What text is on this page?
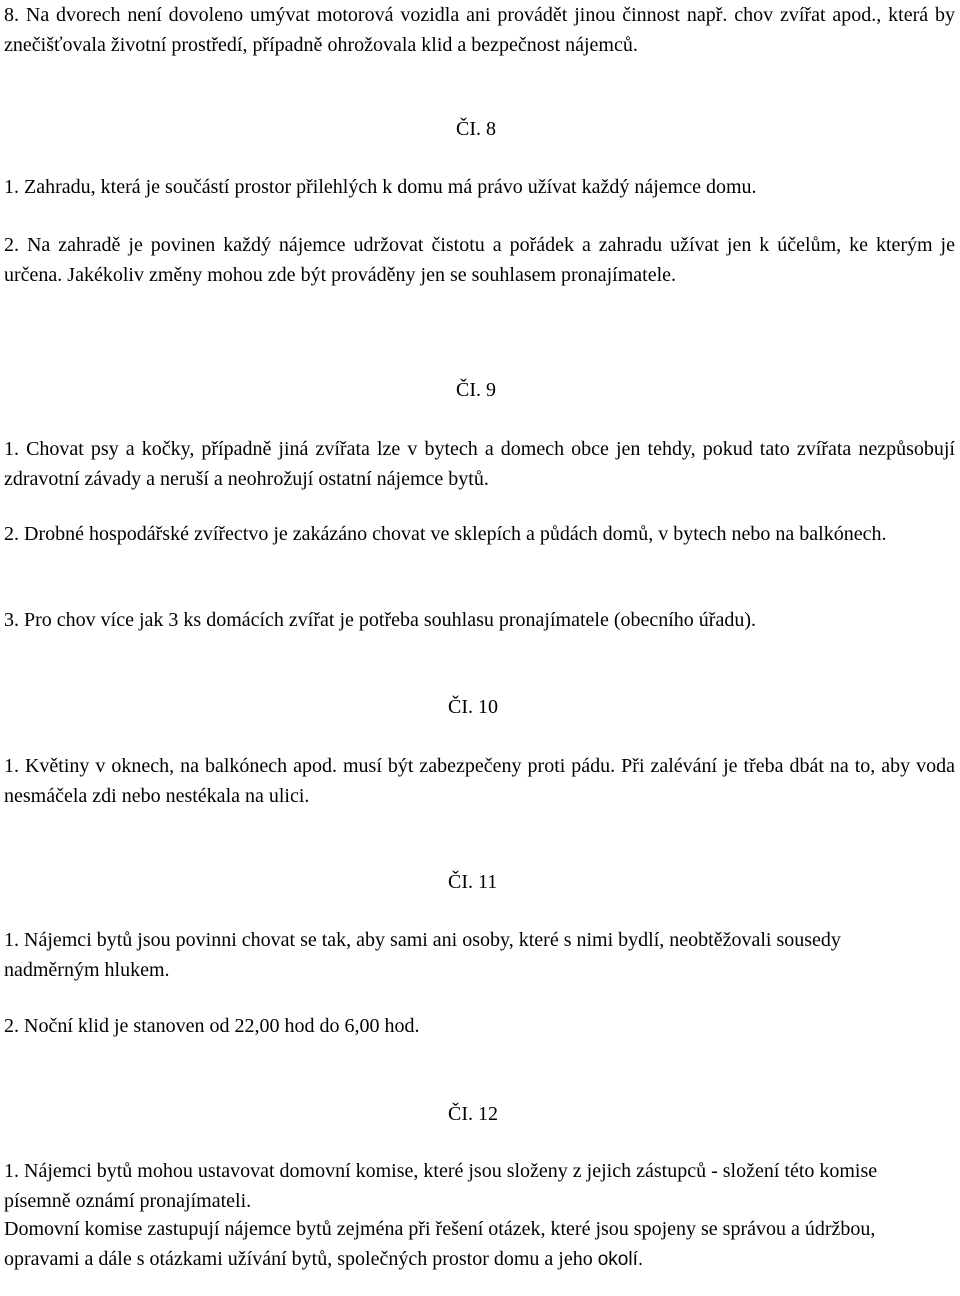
8. Na dvorech není dovoleno umývat motorová vozidla ani provádět jinou činnost např. chov zvířat apod., která by znečišťovala životní prostředí, případně ohrožovala klid a bezpečnost nájemců.

ČI. 8

1. Zahradu, která je součástí prostor přilehlých k domu má právo užívat každý nájemce domu.

2. Na zahradě je povinen každý nájemce udržovat čistotu a pořádek a zahradu užívat jen k účelům, ke kterým je určena. Jakékoliv změny mohou zde být prováděny jen se souhlasem pronajímatele.

ČI. 9

1. Chovat psy a kočky, případně jiná zvířata lze v bytech a domech obce jen tehdy, pokud tato zvířata nezpůsobují zdravotní závady a neruší a neohrožují ostatní nájemce bytů.

2. Drobné hospodářské zvířectvo je zakázáno chovat ve sklepích a půdách domů, v bytech nebo na balkónech.

3. Pro chov více jak 3 ks domácích zvířat je potřeba souhlasu pronajímatele (obecního úřadu).

ČI. 10

1. Květiny v oknech, na balkónech apod. musí být zabezpečeny proti pádu. Při zalévání je třeba dbát na to, aby voda nesmáčela zdi nebo nestékala na ulici.

ČI. 11

1. Nájemci bytů jsou povinni chovat se tak, aby sami ani osoby, které s nimi bydlí, neobtěžovali sousedy nadměrným hlukem.

2. Noční klid je stanoven od 22,00 hod do 6,00 hod.

ČI. 12

1. Nájemci bytů mohou ustavovat domovní komise, které jsou složeny z jejich zástupců - složení této komise písemně oznámí pronajímateli.

Domovní komise zastupují nájemce bytů zejména při řešení otázek, které jsou spojeny se správou a údržbou, opravami a dále s otázkami užívání bytů, společných prostor domu a jeho okolí.
